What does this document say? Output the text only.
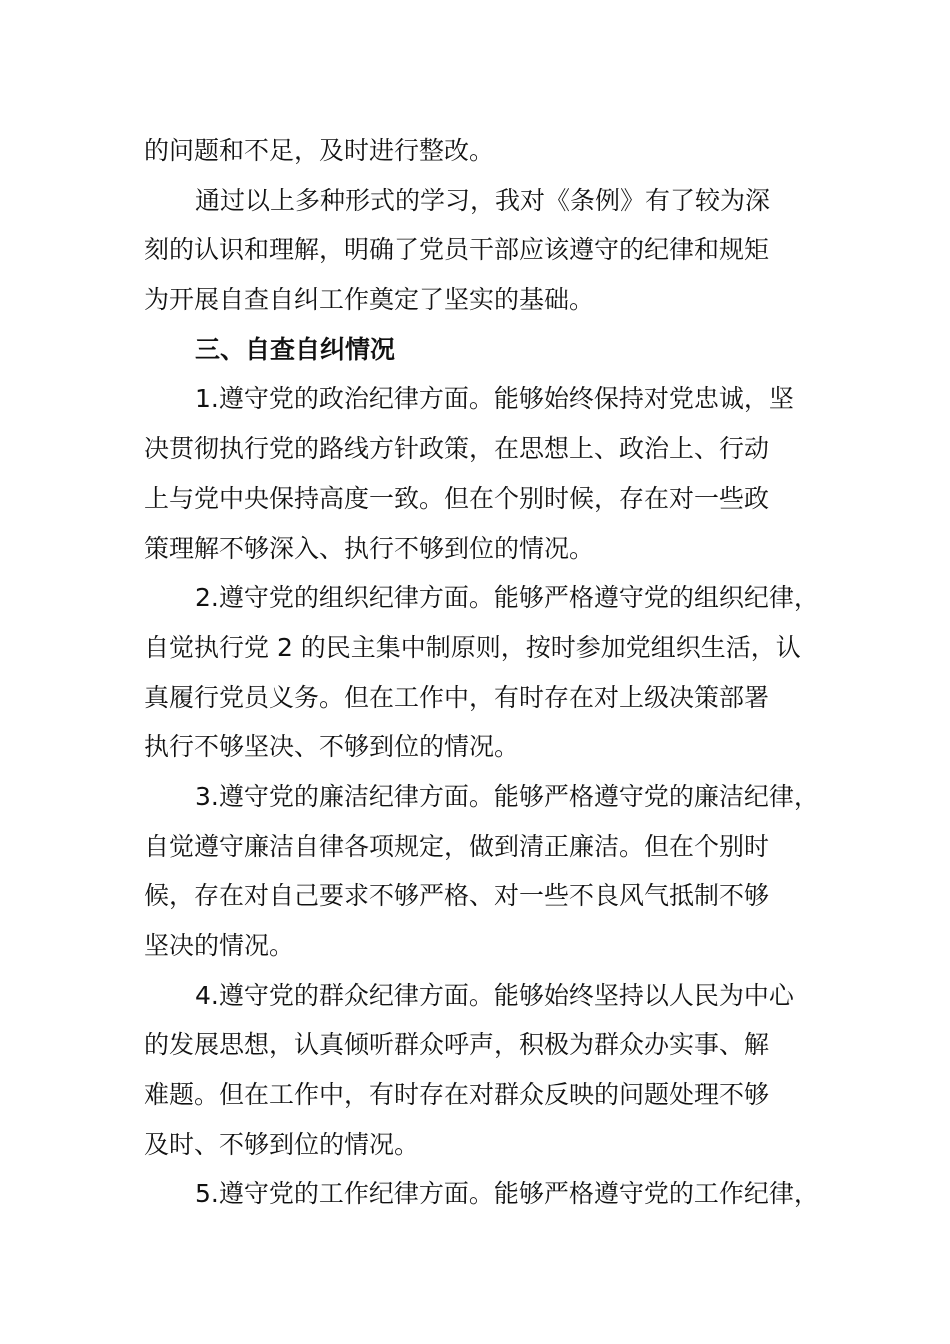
的问题和不足，及时进行整改。
通过以上多种形式的学习，我对《条例》有了较为深
刻的认识和理解，明确了党员干部应该遵守的纪律和规矩
为开展自查自纠工作奠定了坚实的基础。
三、自查自纠情况
1.遵守党的政治纪律方面。能够始终保持对党忠诚，坚
决贯彻执行党的路线方针政策，在思想上、政治上、行动
上与党中央保持高度一致。但在个别时候，存在对一些政
策理解不够深入、执行不够到位的情况。
2.遵守党的组织纪律方面。能够严格遵守党的组织纪律，
自觉执行党 2 的民主集中制原则，按时参加党组织生活，认
真履行党员义务。但在工作中，有时存在对上级决策部署
执行不够坚决、不够到位的情况。
3.遵守党的廉洁纪律方面。能够严格遵守党的廉洁纪律，
自觉遵守廉洁自律各项规定，做到清正廉洁。但在个别时
候，存在对自己要求不够严格、对一些不良风气抵制不够
坚决的情况。
4.遵守党的群众纪律方面。能够始终坚持以人民为中心
的发展思想，认真倾听群众呼声，积极为群众办实事、解
难题。但在工作中，有时存在对群众反映的问题处理不够
及时、不够到位的情况。
5.遵守党的工作纪律方面。能够严格遵守党的工作纪律，
